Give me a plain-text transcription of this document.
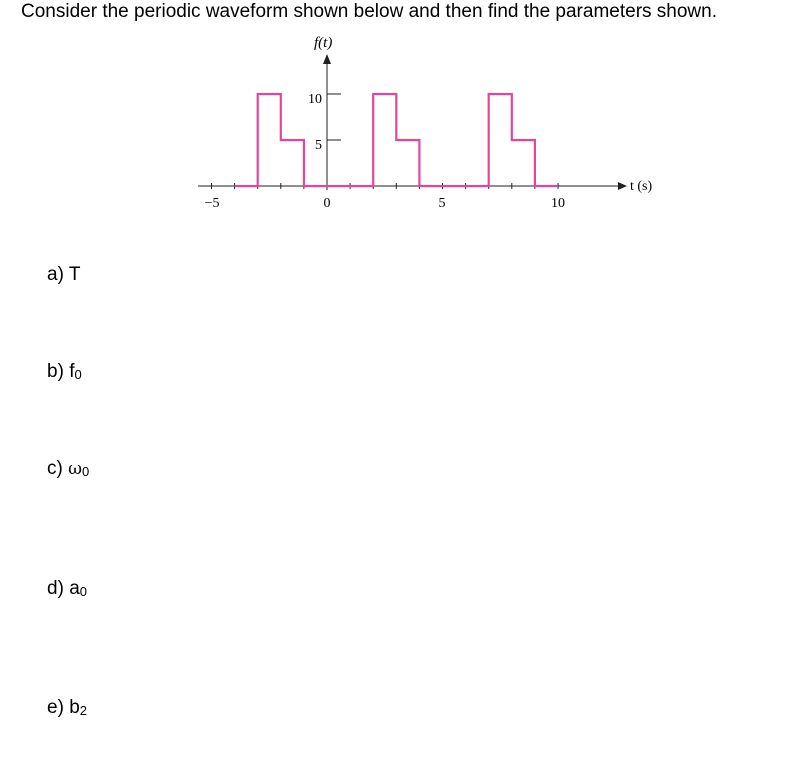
Consider the periodic waveform shown below and then find the parameters shown.
f(t)
t (s)
−5	0	5	10
10
5
a) T
b) f0
c) ω0
d) a0
e) b2
